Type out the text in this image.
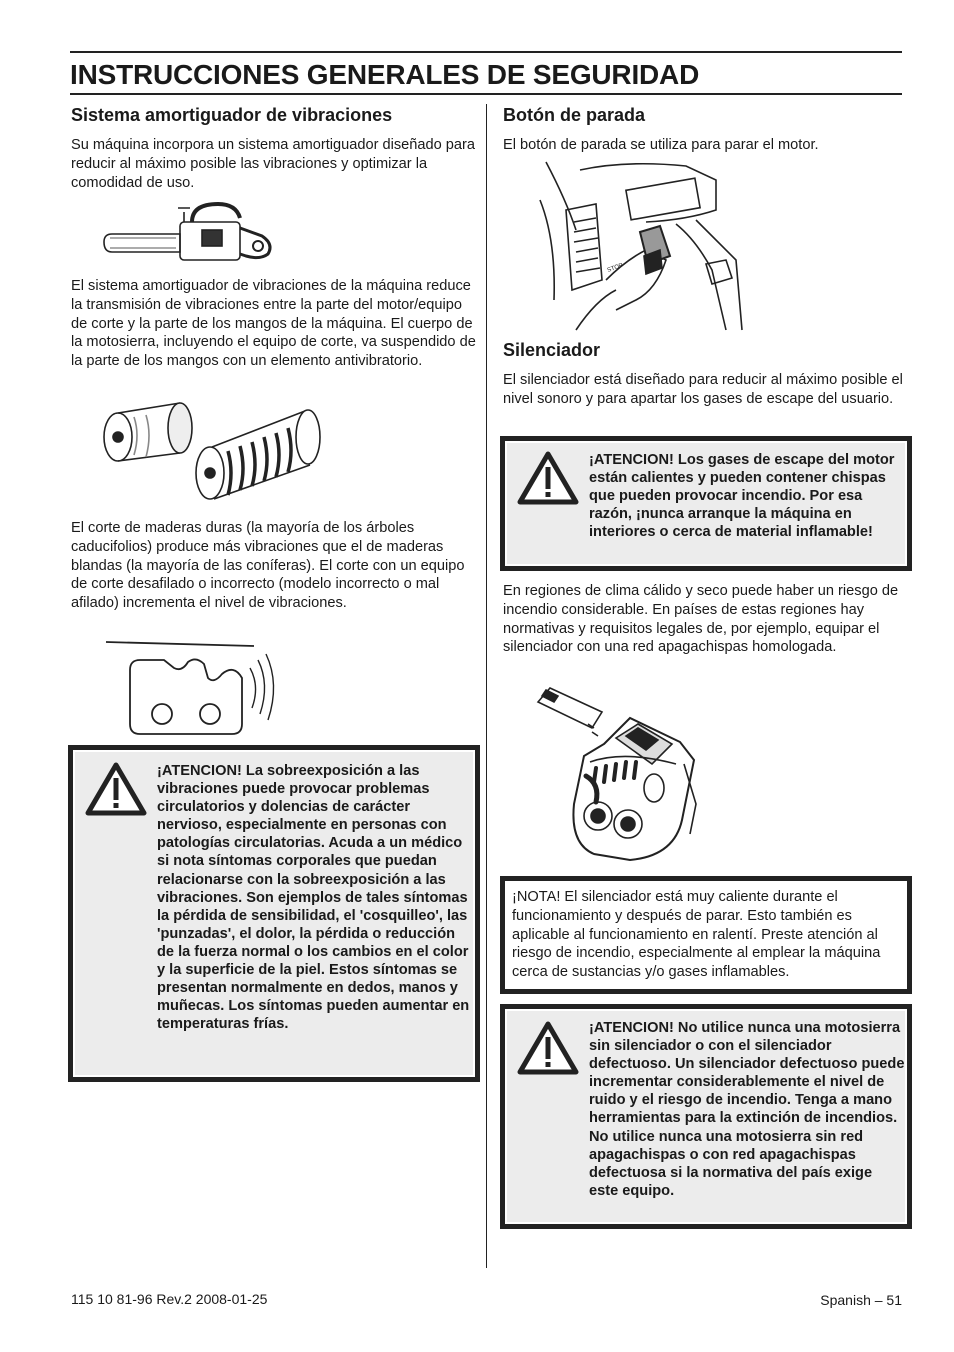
INSTRUCCIONES GENERALES DE SEGURIDAD
Sistema amortiguador de vibraciones
Su máquina incorpora un sistema amortiguador diseñado para reducir al máximo posible las vibraciones y optimizar la comodidad de uso.
El sistema amortiguador de vibraciones de la máquina reduce la transmisión de vibraciones entre la parte del motor/equipo de corte y la parte de los mangos de la máquina. El cuerpo de la motosierra, incluyendo el equipo de corte, va suspendido de la parte de los mangos con un elemento antivibratorio.
El corte de maderas duras (la mayoría de los árboles caducifolios) produce más vibraciones que el de maderas blandas (la mayoría de las coníferas). El corte con un equipo de corte desafilado o incorrecto (modelo incorrecto o mal afilado) incrementa el nivel de vibraciones.
¡ATENCION! La sobreexposición a las vibraciones puede provocar problemas circulatorios y dolencias de carácter nervioso, especialmente en personas con patologías circulatorias. Acuda a un médico si nota síntomas corporales que puedan relacionarse con la sobreexposición a las vibraciones. Son ejemplos de tales síntomas la pérdida de sensibilidad, el 'cosquilleo', las 'punzadas', el dolor, la pérdida o reducción de la fuerza normal o los cambios en el color y la superficie de la piel. Estos síntomas se presentan normalmente en dedos, manos y muñecas. Los síntomas pueden aumentar en temperaturas frías.
Botón de parada
El botón de parada se utiliza para parar el motor.
STOP
Silenciador
El silenciador está diseñado para reducir al máximo posible el nivel sonoro y para apartar los gases de escape del usuario.
¡ATENCION! Los gases de escape del motor están calientes y pueden contener chispas que pueden provocar incendio. Por esa razón, ¡nunca arranque la máquina en interiores o cerca de material inflamable!
En regiones de clima cálido y seco puede haber un riesgo de incendio considerable. En países de estas regiones hay normativas y requisitos legales de, por ejemplo, equipar el silenciador con una red apagachispas homologada.
¡NOTA! El silenciador está muy caliente durante el funcionamiento y después de parar. Esto también es aplicable al funcionamiento en ralentí. Preste atención al riesgo de incendio, especialmente al emplear la máquina cerca de sustancias y/o gases inflamables.
¡ATENCION! No utilice nunca una motosierra sin silenciador o con el silenciador defectuoso. Un silenciador defectuoso puede incrementar considerablemente el nivel de ruido y el riesgo de incendio. Tenga a mano herramientas para la extinción de incendios. No utilice nunca una motosierra sin red apagachispas o con red apagachispas defectuosa si la normativa del país exige este equipo.
115 10 81-96 Rev.2 2008-01-25	Spanish – 51
